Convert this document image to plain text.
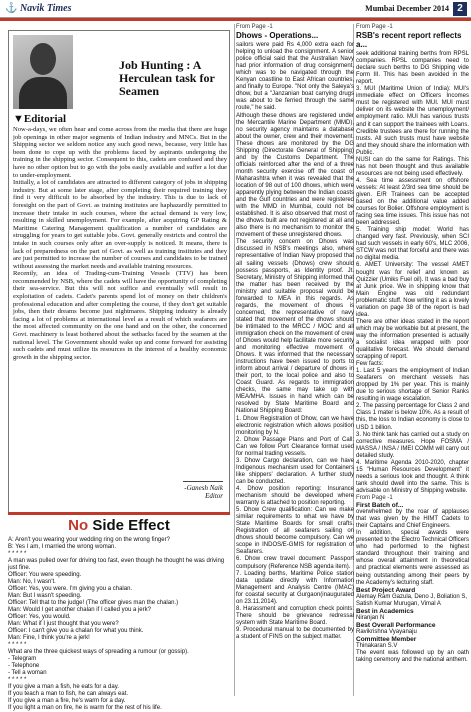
⚓ Navik Times	Mumbai December 2014 2
Job Hunting : A Herculean task for Seamen
▼Editorial

Now-a-days, we often hear and come across from the media that there are huge job openings in other major segments of Indian industry and MNCs. But in the Shipping sector we seldom notice any such good news, because, very little has been done to cope up with the problems faced by aspirants undergoing the training in the shipping sector. Consequent to this, cadets are confused and they have no other option but to go with the jobs easily available and suffer a lot due to under-employment.

Initially, a lot of candidates are attracted to different category of jobs in shipping industry. But at some later stage, after completing their required training they find it very difficult to be absorbed by the industry. This is due to lack of foresight on the part of Govt. as training institutes are haphazardly permitted to increase their intake in such courses, where the actual demand is very low, resulting in skilled unemployment. For example, after acquiring GP Rating & Maritime Catering Management qualification a number of candidates are struggling for years to get suitable jobs. Govt. generally restricts and control the intake in such courses only after an over-supply is noticed. It means, there is lack of preparedness on the part of Govt. as well as training institutes and they are just permitted to increase the number of courses and candidates to be trained without assessing the market needs and available training resources.

Recently, an idea of Trading-cum-Training Vessels (TTV) has been recommended by NSB, where the cadets will have the opportunity of completing their sea-service. But this will not suffice and eventually will result in exploitation of cadets. Cadet's parents spend lot of money on their children's professional education and after completing the course, if they don't get suitable jobs, then their dreams become just nightmares. Shipping industry is already facing a lot of problems at international level as a result of which seafarers are the most affected community on the one hand and on the other, the concerned Govt. machinery is least bothered about the setbacks faced by the seamen at the national level. The Government should wake up and come forward for assisting such cadets and must utilize its resources in the interest of a healthy economic growth in the shipping sector.

-Ganesh Naik
Editor
No Side Effect

A: Aren't you wearing your wedding ring on the wrong finger?

B: Yes I am, I married the wrong woman.

* * * * *

A man was pulled over for driving too fast, even though he thought he was driving just fine.

Officer: You were speeding.

Man: No, I wasn't.

Officer: Yes, you were. I'm giving you a chalan.

Man: But I wasn't speeding.

Officer: Tell that to the judge! (The officer gives man the chalan.)

Man: Would I get another chalan if I called you a jerk?

Officer: Yes, you would.

Man: What if I just thought that you were?

Officer: I can't give you a chalan for what you think.

Man: Fine, I think you're a jerk!

* * * * *

What are the three quickest ways of spreading a rumour (or gossip).

- Telegram

- Telephone

- Tell a woman

* * * * *

If you give a man a fish, he eats for a day.

If you teach a man to fish, he can always eat.

If you give a man a fire, he's warm for a day.

If you light a man on fire, he is warm for the rest of his life.

From Page -1
Dhows - Operations...

sailors were paid Rs 4,000 extra each for helping to unload the consignment. A senior police official said that the Australian Navy had prior information of drug consignment, which was to be navigated through the Kenyan coastline to East African countries, and finally to Europe. "Not only the Saleya's dhow, but a "Janzanian boat carrying drugs was about to be ferried through the same route," he said.

Although these dhows are registered under the Mercantile Marine Department (MMD), no security agency maintains a database about the owner, crew and their movement. These dhows are monitored by the DG Shipping (Directorate General of Shipping) and by the Customs Department. The officials reinforced after the end of a three month security exercise off the coast of Maharashtra when it was revealed that the location of 98 out of 100 dhows, which were apparently plying between the Indian coasts and the Gulf countries and were registered with the MMD in Mumbai, could not be established. It is also observed that most of the dhows built are not registered at all and also there is no mechanism to monitor the movement of these unregistered dhows.

The security concern on Dhows was discussed in NSB's meetings also, where representative of Indian Navy proposed that all sailing vessels (Dhows) crew should possess passports, as Identity proof. Jt. Secretary, Ministry of Shipping informed that the matter has been received by the ministry and suitable proposal would be forwarded to MEA in this regards. As regards, the movement of dhows is concerned, the representative of navy stated that movement of the dhows should be intimated to the MRCC / MOC and all immigration check on the movement of crew of Dhows would help facilitate more security and monitoring effective movement of Dhows. It was informed that the necessary instructions have been issued to ports to inform about arrival / departure of dhows in their port, to the local police and also to Coast Guard. As regards to immigration checks, the same may take up with MEA/MHA. Issues in hand which can be resolved by State Maritime Board and National Shipping Board:

1. Dhow Registration of Dhow, can we have electronic registration which allows position monitoring by N.

2. Dhow Passage Plans and Port of Call: Can we follow Port Clearance format used for normal trading vessels.

3. Dhow Cargo declaration, can we have Indigenous mechanism used for Containers like shippers' declaration. A further study can be conducted.

4. Dhow position reporting: Insurance mechanism should be developed where warranty is attached to position reporting.

5. Dhow Crew qualification: Can we make similar requirements to what we have by State Maritime Boards for small crafts. Registration of all seafarers sailing on dhows should become compulsory. Can we scope in INDOS/E-GMIS for registration of Seafarers.

6. Dhow crew travel document: Passport compulsory (Reference NSB agenda item).

7. Loading berths, Maritime Police station data update directly with Information Management and Analysis Centre (IMAC) for coastal security at Gurgaon(inaugurated on 23.11.2014).

8. Harassment and corruption check points: There should be grievance redressal system with State Maritime Board.

9. Procedural manual to be documented by a student of FINS on the subject matter.

From Page -1
RSB's recent report reflects a...

seek additional training berths from RPSL companies. RPSL companies need to declare such berths to DG Shipping vide Form III. This has been avoided in the report.

3. MUI (Maritime Union of India): MUI's immediate effect on Officers Incomes must be registered with MUI. MUI must deliver on its website the unemployment/ employment ratio. MUI has various trusts and it can support the trainees with Loans. Credible trustees are there for running the trusts. All such trusts must have website and they should share the information with Public.

NUSI can do the same for Ratings. This has not been thought and thus available resources are not being used effectively.

4. Sea time assessment on offshore vessels: At least 2/3rd sea time should be given. E/R Trainees can be accepted based on the additional value added courses for Bolier. Offshore employment is facing sea time issues. This issue has not been addressed.

5. Training ship model: World has changed very fast. Previously, when SCI had such vessels in early 60's, MLC 2006, STCW was not that forceful and there was no digital media.

6. AMET University: The vessel AMET bought was for relief and known as Quizzier (Umiks Fuel oil). It was a bad buy at Junk price. We in shipping know that Main Engine was old redundant problematic stuff. Now writing it as a lovely variation on page 38 of the report is bad idea.

There are other ideas stated in the report which may be workable but at present, the way the information presented is actually a socialist idea wrapped with poor qualitative forecast. We should demand scrapping of report.

Few facts:

1. Last 5 years the employment of Indian Seafarers on merchant vessels has dropped by 1% per year. This is mainly due to serious shortage of Senior Ranks resulting in wage escalation.

2. The passing percentage for Class 2 and Class 1 mater is below 10%. As a result of this, the loss to Indian economy is close to USD 1 billion.

3. No think tank has carried out a study on corrective measures. Hope FOSMA / MASSA / INSA / IMEI COMM will carry out detailed study.

4. Maritime Agenda 2010-2020, chapter 15 "Human Resources Development" it needs a serious look and thought. A think tank should dwell into the same. This is advisable on Ministry of Shipping website.

From Page -1
First Batch of...

overwhelmed by the roar of applauses that was given by the HIMT Cadets to their Captains and Chief Engineers.

In addition, special awards were presented to the Electro Technical Officers who had performed to the highest standard throughout their training and whose overall attainment in theoretical and practical elements were assessed as being outstanding among their peers by the Academy's lecturing staff.

Best Project Award
Alemay Ram Gazula, Deno J, Boliation S, Satish Kumar Murugan, Vimal A
Best in Academics
Niranjan N
Best Overall Performance
Ravikrishna Vyayanaju
Committee Member
Thinakaran S.V

The event was followed up by an oath taking ceremony and the national anthem.
